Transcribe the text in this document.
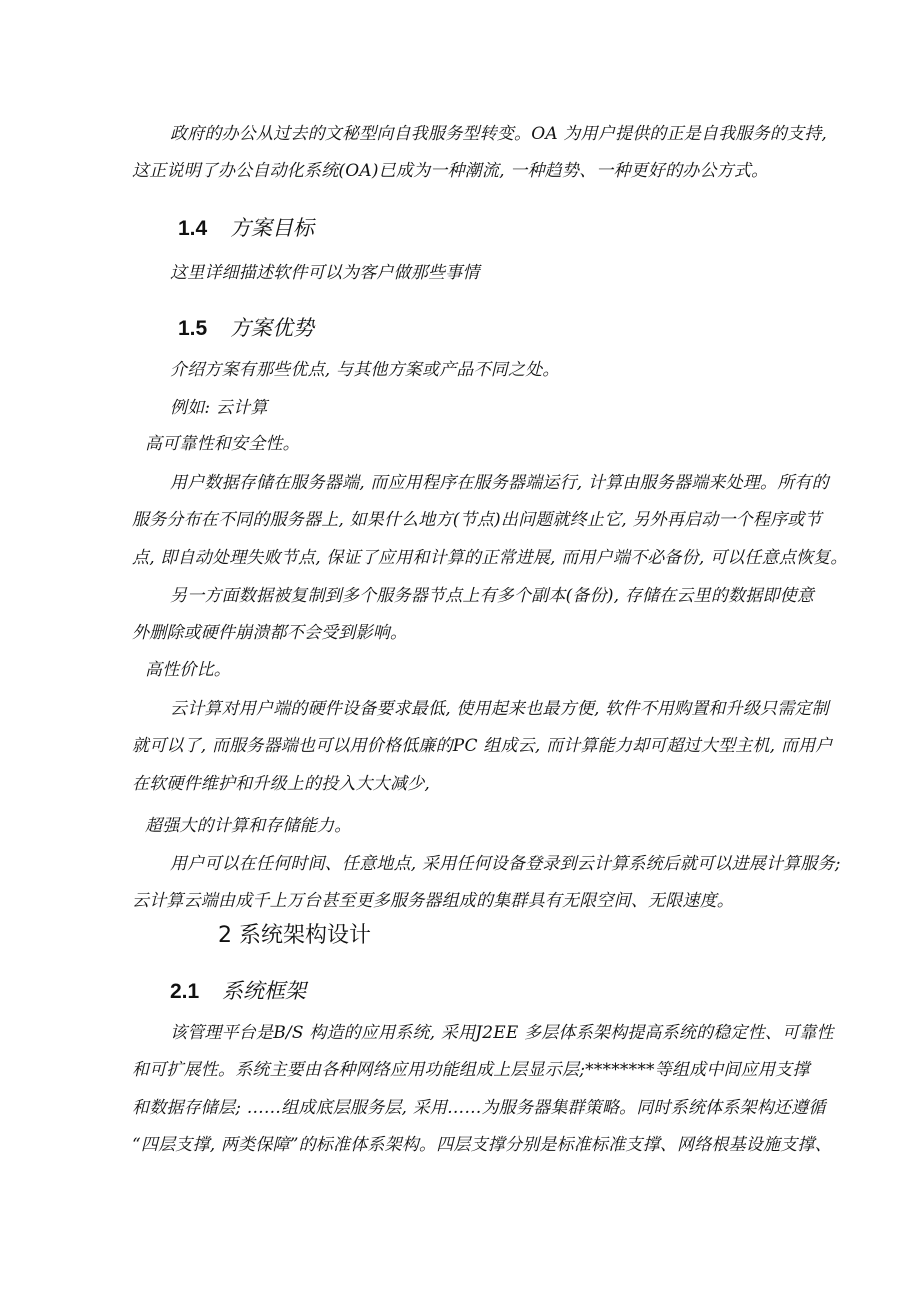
政府的办公从过去的文秘型向自我服务型转变。OA 为用户提供的正是自我服务的支持,
这正说明了办公自动化系统(OA)已成为一种潮流, 一种趋势、一种更好的办公方式。
1.4 方案目标
这里详细描述软件可以为客户做那些事情
1.5 方案优势
介绍方案有那些优点, 与其他方案或产品不同之处。
例如: 云计算
高可靠性和安全性。
用户数据存储在服务器端, 而应用程序在服务器端运行, 计算由服务器端来处理。所有的
服务分布在不同的服务器上, 如果什么地方(节点)出问题就终止它, 另外再启动一个程序或节
点, 即自动处理失败节点, 保证了应用和计算的正常进展, 而用户端不必备份, 可以任意点恢复。
另一方面数据被复制到多个服务器节点上有多个副本(备份), 存储在云里的数据即使意
外删除或硬件崩溃都不会受到影响。
高性价比。
云计算对用户端的硬件设备要求最低, 使用起来也最方便, 软件不用购置和升级只需定制
就可以了, 而服务器端也可以用价格低廉的PC 组成云, 而计算能力却可超过大型主机, 而用户
在软硬件维护和升级上的投入大大减少,
超强大的计算和存储能力。
用户可以在任何时间、任意地点, 采用任何设备登录到云计算系统后就可以进展计算服务;
云计算云端由成千上万台甚至更多服务器组成的集群具有无限空间、无限速度。
2 系统架构设计
2.1 系统框架
该管理平台是B/S 构造的应用系统, 采用J2EE 多层体系架构提高系统的稳定性、可靠性
和可扩展性。系统主要由各种网络应用功能组成上层显示层;********等组成中间应用支撑
和数据存储层; ……组成底层服务层, 采用……为服务器集群策略。同时系统体系架构还遵循
“四层支撑, 两类保障”的标准体系架构。四层支撑分别是标准标准支撑、网络根基设施支撑、
